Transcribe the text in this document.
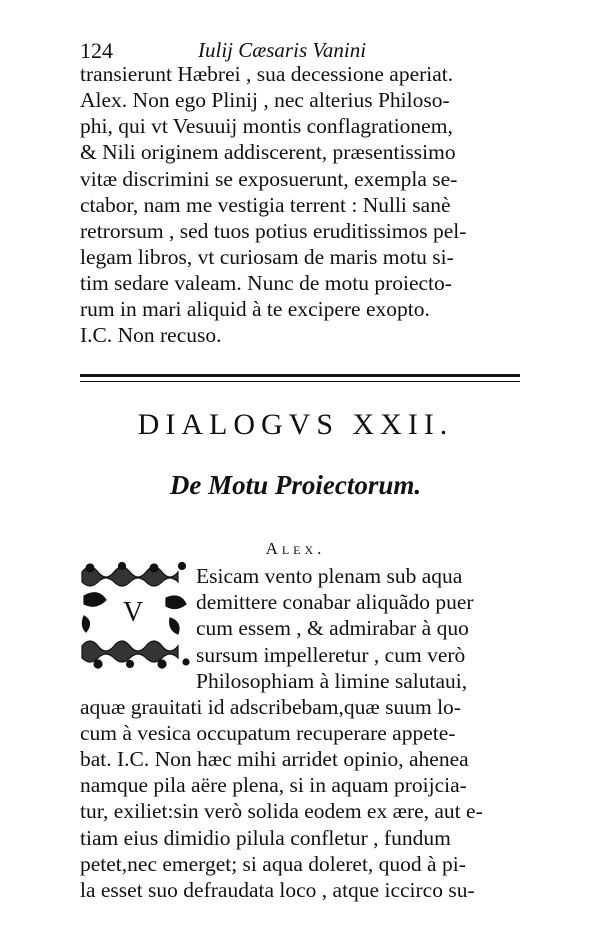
124	Iulij Cæsaris Vanini
transierunt Hæbrei , sua decessione aperiat.
Alex. Non ego Plinij , nec alterius Philoso-
phi, qui vt Vesuuij montis conflagrationem,
& Nili originem addiscerent, præsentissimo
vitæ discrimini se exposuerunt, exempla se-
ctabor, nam me vestigia terrent : Nulli sanè
retrorsum , sed tuos potius eruditissimos pel-
legam libros, vt curiosam de maris motu si-
tim sedare valeam. Nunc de motu proiecto-
rum in mari aliquid à te excipere exopto.
I.C. Non recuso.
DIALOGVS XXII.
De Motu Proiectorum.
Alex.
V
Esicam vento plenam sub aqua
demittere conabar aliquãdo puer
cum essem , & admirabar à quo
sursum impelleretur , cum verò
Philosophiam à limine salutaui,
aquæ grauitati id adscribebam,quæ suum lo-
cum à vesica occupatum recuperare appete-
bat. I.C. Non hæc mihi arridet opinio, ahenea
namque pila aëre plena, si in aquam proijcia-
tur, exiliet:sin verò solida eodem ex ære, aut e-
tiam eius dimidio pilula confletur , fundum
petet,nec emerget; si aqua doleret, quod à pi-
la esset suo defraudata loco , atque iccirco su-
